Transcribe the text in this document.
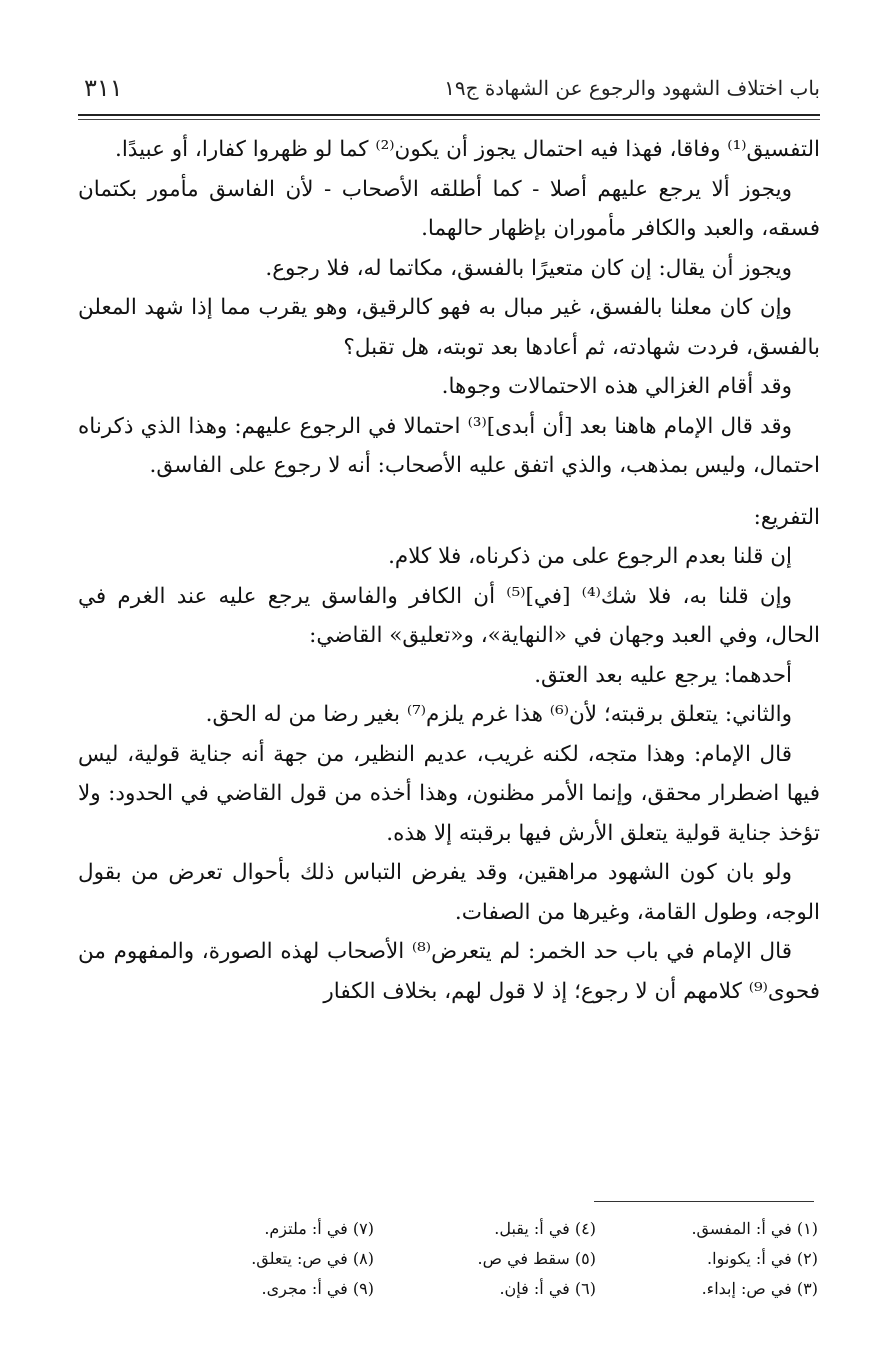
باب اختلاف الشهود والرجوع عن الشهادة ج١٩
٣١١

التفسيق⁽¹⁾ وفاقا، فهذا فيه احتمال يجوز أن يكون⁽²⁾ كما لو ظهروا كفارا، أو عبيدًا.

ويجوز ألا يرجع عليهم أصلا - كما أطلقه الأصحاب - لأن الفاسق مأمور بكتمان فسقه، والعبد والكافر مأموران بإظهار حالهما.

ويجوز أن يقال: إن كان متعيرًا بالفسق، مكاتما له، فلا رجوع.

وإن كان معلنا بالفسق، غير مبال به فهو كالرقيق، وهو يقرب مما إذا شهد المعلن بالفسق، فردت شهادته، ثم أعادها بعد توبته، هل تقبل؟

وقد أقام الغزالي هذه الاحتمالات وجوها.

وقد قال الإمام هاهنا بعد [أن أبدى]⁽³⁾ احتمالا في الرجوع عليهم: وهذا الذي ذكرناه احتمال، وليس بمذهب، والذي اتفق عليه الأصحاب: أنه لا رجوع على الفاسق.

التفريع:

إن قلنا بعدم الرجوع على من ذكرناه، فلا كلام.

وإن قلنا به، فلا شك⁽⁴⁾ [في]⁽⁵⁾ أن الكافر والفاسق يرجع عليه عند الغرم في الحال، وفي العبد وجهان في «النهاية»، و«تعليق» القاضي:

أحدهما: يرجع عليه بعد العتق.

والثاني: يتعلق برقبته؛ لأن⁽⁶⁾ هذا غرم يلزم⁽⁷⁾ بغير رضا من له الحق.

قال الإمام: وهذا متجه، لكنه غريب، عديم النظير، من جهة أنه جناية قولية، ليس فيها اضطرار محقق، وإنما الأمر مظنون، وهذا أخذه من قول القاضي في الحدود: ولا تؤخذ جناية قولية يتعلق الأرش فيها برقبته إلا هذه.

ولو بان كون الشهود مراهقين، وقد يفرض التباس ذلك بأحوال تعرض من بقول الوجه، وطول القامة، وغيرها من الصفات.

قال الإمام في باب حد الخمر: لم يتعرض⁽⁸⁾ الأصحاب لهذه الصورة، والمفهوم من فحوى⁽⁹⁾ كلامهم أن لا رجوع؛ إذ لا قول لهم، بخلاف الكفار

(١) في أ: المفسق.
(٤) في أ: يقبل.
(٧) في أ: ملتزم.
(٢) في أ: يكونوا.
(٥) سقط في ص.
(٨) في ص: يتعلق.
(٣) في ص: إبداء.
(٦) في أ: فإن.
(٩) في أ: مجرى.
